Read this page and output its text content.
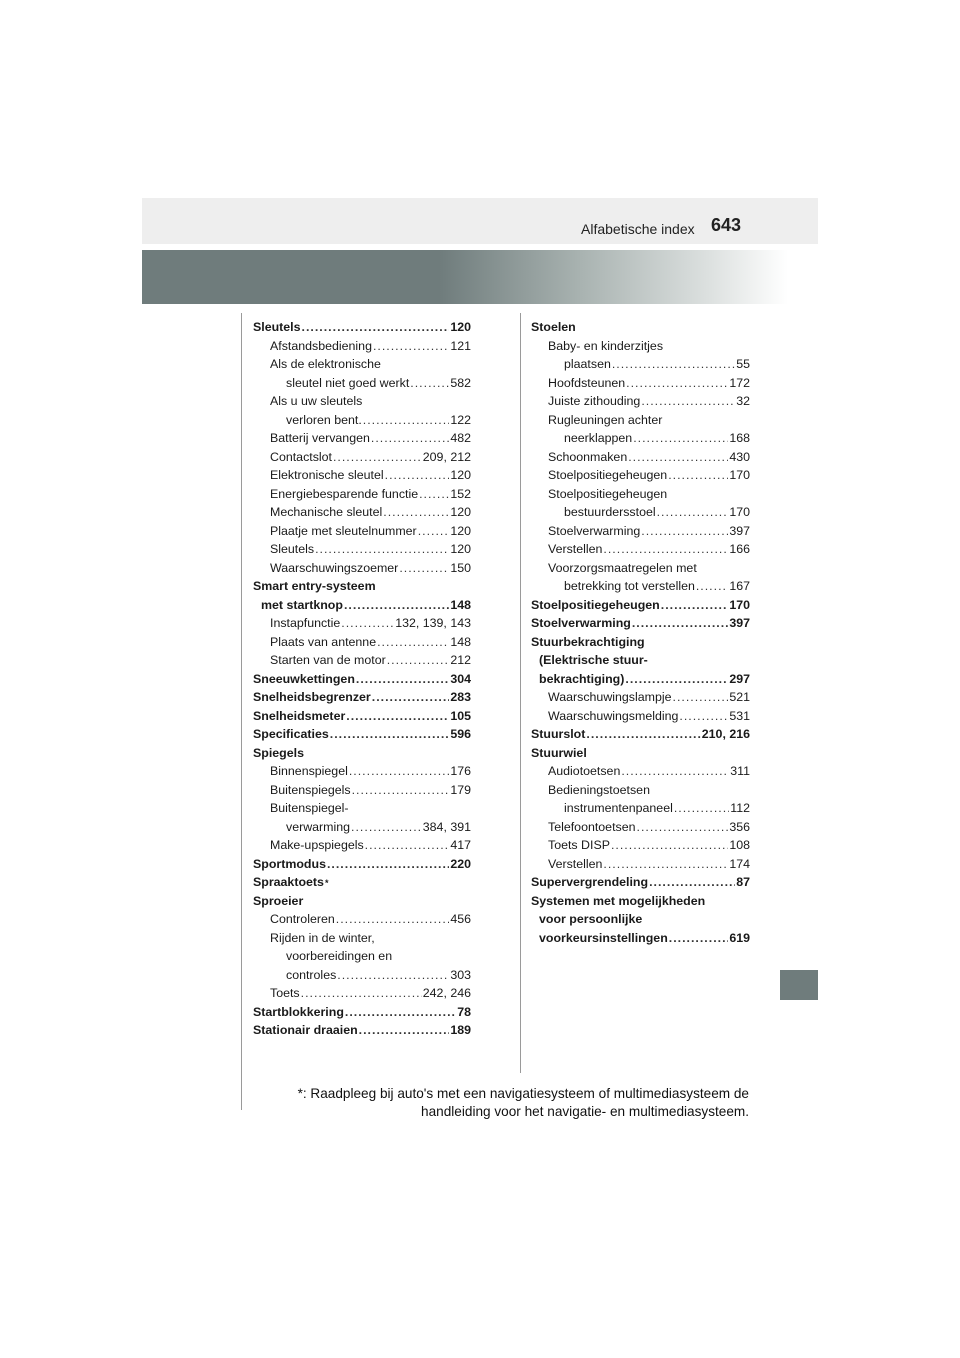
Alfabetische index 643
Sleutels .....	120
Afstandsbediening .....	121
Als de elektronische
sleutel niet goed werkt .....	582
Als u uw sleutels
verloren bent. .....	122
Batterij vervangen .....	482
Contactslot .....	209, 212
Elektronische sleutel .....	120
Energiebesparende functie .....	152
Mechanische sleutel .....	120
Plaatje met sleutelnummer .....	120
Sleutels .....	120
Waarschuwingszoemer .....	150
Smart entry-systeem
met startknop .....	148
Instapfunctie .....	132, 139, 143
Plaats van antenne .....	148
Starten van de motor .....	212
Sneeuwkettingen .....	304
Snelheidsbegrenzer .....	283
Snelheidsmeter .....	105
Specificaties .....	596
Spiegels
Binnenspiegel .....	176
Buitenspiegels .....	179
Buitenspiegel-
verwarming .....	384, 391
Make-upspiegels .....	417
Sportmodus .....	220
Spraaktoets *
Sproeier
Controleren .....	456
Rijden in de winter,
voorbereidingen en
controles .....	303
Toets .....	242, 246
Startblokkering .....	78
Stationair draaien .....	189
Stoelen
Baby- en kinderzitjes
plaatsen .....	55
Hoofdsteunen .....	172
Juiste zithouding .....	32
Rugleuningen achter
neerklappen .....	168
Schoonmaken .....	430
Stoelpositiegeheugen .....	170
Stoelpositiegeheugen
bestuurdersstoel .....	170
Stoelverwarming .....	397
Verstellen .....	166
Voorzorgsmaatregelen met
betrekking tot verstellen .....	167
Stoelpositiegeheugen .....	170
Stoelverwarming .....	397
Stuurbekrachtiging
(Elektrische stuur-
bekrachtiging) .....	297
Waarschuwingslampje .....	521
Waarschuwingsmelding .....	531
Stuurslot .....	210, 216
Stuurwiel
Audiotoetsen .....	311
Bedieningstoetsen
instrumentenpaneel .....	112
Telefoontoetsen .....	356
Toets DISP .....	108
Verstellen .....	174
Supervergrendeling .....	87
Systemen met mogelijkheden
voor persoonlijke
voorkeursinstellingen .....	619
*: Raadpleeg bij auto's met een navigatiesysteem of multimediasysteem de
handleiding voor het navigatie- en multimediasysteem.
